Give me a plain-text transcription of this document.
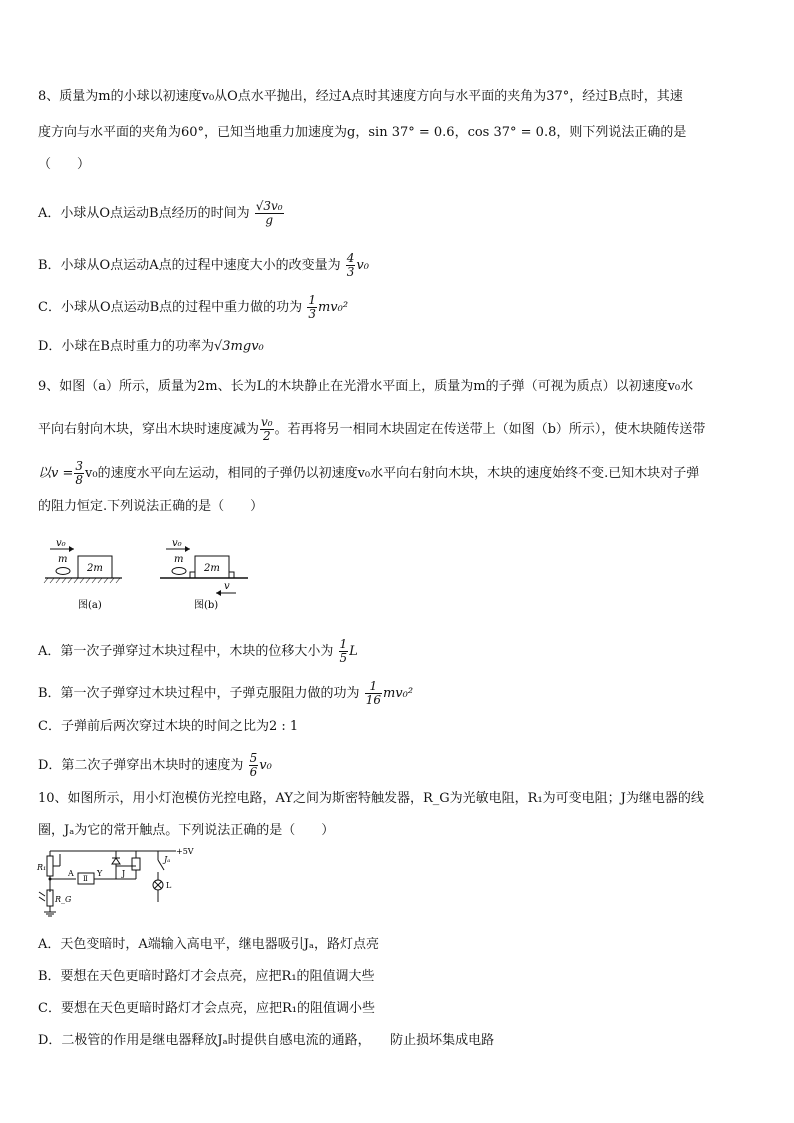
8、质量为m的小球以初速度v₀从O点水平抛出，经过A点时其速度方向与水平面的夹角为37°，经过B点时，其速
度方向与水平面的夹角为60°，已知当地重力加速度为g，sin 37° = 0.6，cos 37° = 0.8，则下列说法正确的是
（　　）
A．小球从O点运动B点经历的时间为 $\frac{\text{√3v₀}}{g}$
B．小球从O点运动A点的过程中速度大小的改变量为 $\frac{4}{3} v_0$
C．小球从O点运动B点的过程中重力做的功为 $\frac{1}{3} mv_0^2$
D．小球在B点时重力的功率为√3mgv₀
9、如图（a）所示，质量为2m、长为L的木块静止在光滑水平面上，质量为m的子弹（可视为质点）以初速度v₀水
平向右射向木块，穿出木块时速度减为 $\frac{\text{v₀}}{2}$ 。若再将另一相同木块固定在传送带上（如图（b）所示），使木块随传送带
以$v = \frac{3}{8} v_0$的速度水平向左运动，相同的子弹仍以初速度v₀水平向右射向木块，木块的速度始终不变.已知木块对子弹
的阻力恒定.下列说法正确的是（　　）
v₀
m
2m
图(a)
v₀
m
2m
v
图(b)
A．第一次子弹穿过木块过程中，木块的位移大小为 $\frac{1}{5}$ L
B．第一次子弹穿过木块过程中，子弹克服阻力做的功为 $\frac{1}{16} mv_0^2$
C．子弹前后两次穿过木块的时间之比为2 : 1
D．第二次子弹穿出木块时的速度为 $\frac{5}{6} v_0$
10、如图所示，用小灯泡模仿光控电路，AY之间为斯密特触发器，R_G为光敏电阻，R₁为可变电阻；J为继电器的线
圈，Jₐ为它的常开触点。下列说法正确的是（　　）
+5V
R₁
A
Ⅱ
Y J
Jₐ
L
R_G
A．天色变暗时，A端输入高电平，继电器吸引Jₐ，路灯点亮
B．要想在天色更暗时路灯才会点亮，应把R₁的阻值调大些
C．要想在天色更暗时路灯才会点亮，应把R₁的阻值调小些
D．二极管的作用是继电器释放Jₐ时提供自感电流的通路，　　防止损坏集成电路
